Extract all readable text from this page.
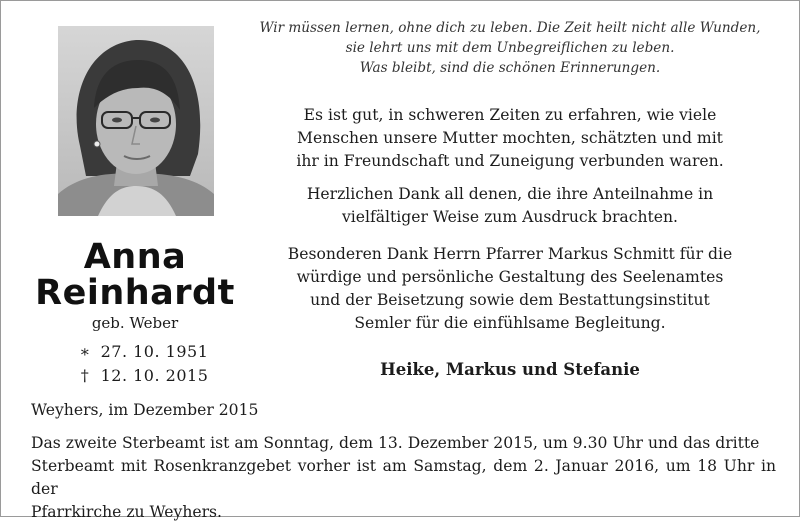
Anna
Reinhardt
geb. Weber
∗ 27. 10. 1951
† 12. 10. 2015
Wir müssen lernen, ohne dich zu leben. Die Zeit heilt nicht alle Wunden,
sie lehrt uns mit dem Unbegreiflichen zu leben.
Was bleibt, sind die schönen Erinnerungen.
Es ist gut, in schweren Zeiten zu erfahren, wie viele
Menschen unsere Mutter mochten, schätzten und mit
ihr in Freundschaft und Zuneigung verbunden waren.
Herzlichen Dank all denen, die ihre Anteilnahme in
vielfältiger Weise zum Ausdruck brachten.
Besonderen Dank Herrn Pfarrer Markus Schmitt für die
würdige und persönliche Gestaltung des Seelenamtes
und der Beisetzung sowie dem Bestattungsinstitut
Semler für die einfühlsame Begleitung.
Heike, Markus und Stefanie
Weyhers, im Dezember 2015
Das zweite Sterbeamt ist am Sonntag, dem 13. Dezember 2015, um 9.30 Uhr und das dritte
Sterbeamt mit Rosenkranzgebet vorher ist am Samstag, dem 2. Januar 2016, um 18 Uhr in der
Pfarrkirche zu Weyhers.
